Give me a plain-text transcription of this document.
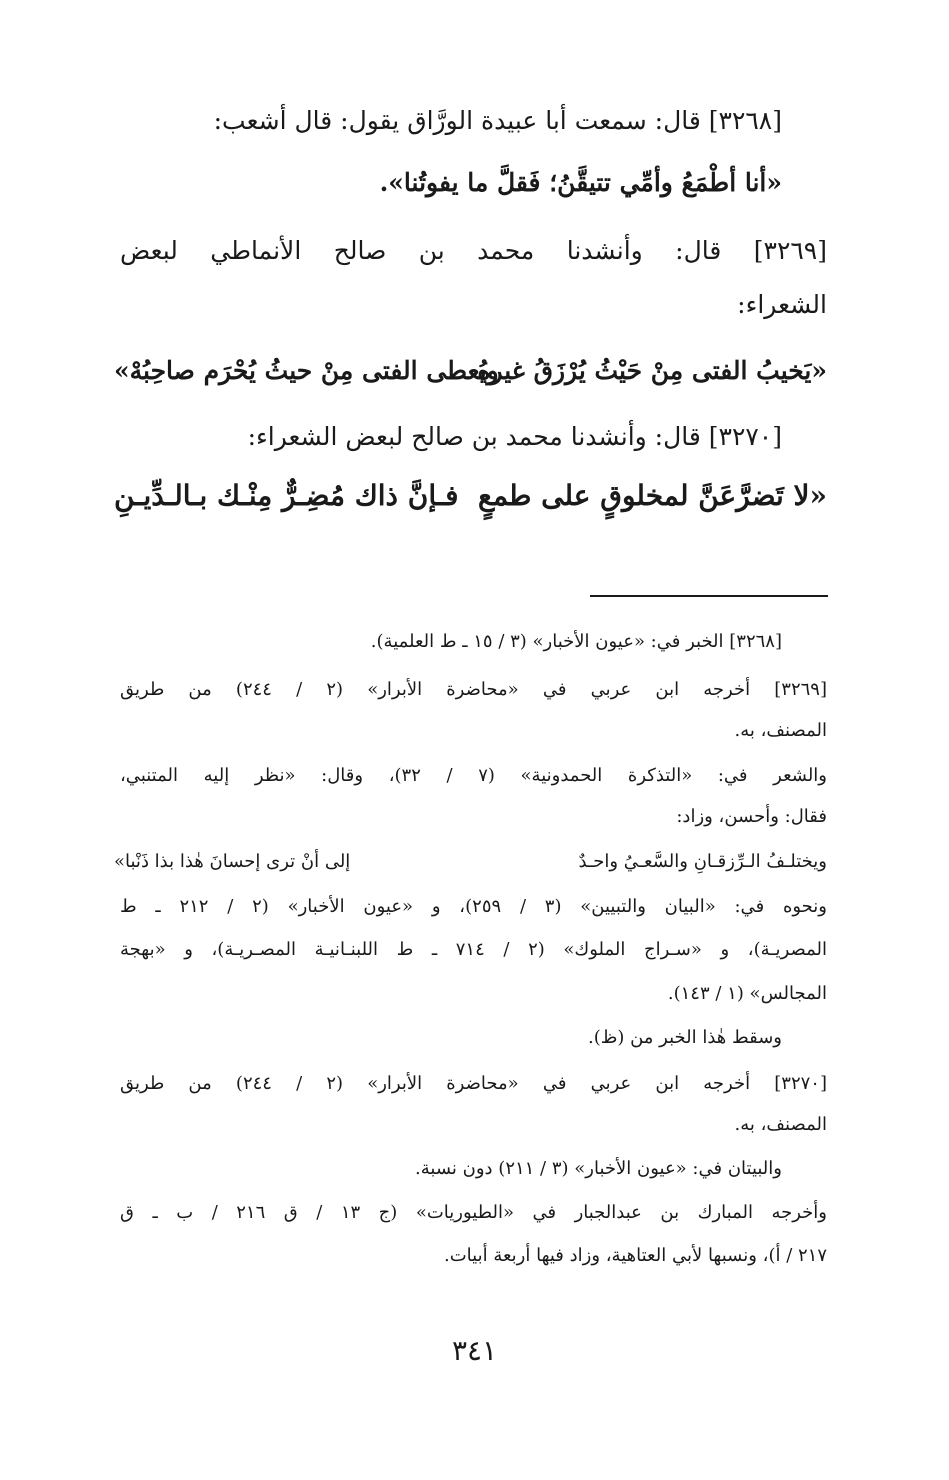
[٣٢٦٨] قال: سمعت أبا عبيدة الورَّاق يقول: قال أشعب:
«أنا أطْمَعُ وأمِّي تتيقَّنُ؛ فَقلَّ ما يفوتُنا».
[٣٢٦٩] قال: وأنشدنا محمد بن صالح الأنماطي لبعض
الشعراء:
«يَخيبُ الفتى مِنْ حَيْثُ يُرْزَقُ غيره
ويُعطى الفتى مِنْ حيثُ يُحْرَم صاحِبُهْ»
[٣٢٧٠] قال: وأنشدنا محمد بن صالح لبعض الشعراء:
«لا تَضرَّعَنَّ لمخلوقٍ على طمعٍ
فـإنَّ ذاك مُضِـرٌّ مِنْـك بـالـدِّيـنِ
[٣٢٦٨] الخبر في: «عيون الأخبار» (٣ / ١٥ ـ ط العلمية).
[٣٢٦٩] أخرجه ابن عربي في «محاضرة الأبرار» (٢ / ٢٤٤) من طريق
المصنف، به.
والشعر في: «التذكرة الحمدونية» (٧ / ٣٢)، وقال: «نظر إليه المتنبي،
فقال: وأحسن، وزاد:
ويختلـفُ الـرِّزقـانِ والسَّعـيُ واحـدٌ
إلى أنْ ترى إحسانَ هٰذا بذا ذَنْبا»
ونحوه في: «البيان والتبيين» (٣ / ٢٥٩)، و «عيون الأخبار» (٢ / ٢١٢ ـ ط
المصريـة)، و «سـراج الملوك» (٢ / ٧١٤ ـ ط اللبنـانيـة المصـريـة)، و «بهجة
المجالس» (١ / ١٤٣).
وسقط هٰذا الخبر من (ظ).
[٣٢٧٠] أخرجه ابن عربي في «محاضرة الأبرار» (٢ / ٢٤٤) من طريق
المصنف، به.
والبيتان في: «عيون الأخبار» (٣ / ٢١١) دون نسبة.
وأخرجه المبارك بن عبدالجبار في «الطيوريات» (ج ١٣ / ق ٢١٦ / ب ـ ق
٢١٧ / أ)، ونسبها لأبي العتاهية، وزاد فيها أربعة أبيات.
٣٤١
